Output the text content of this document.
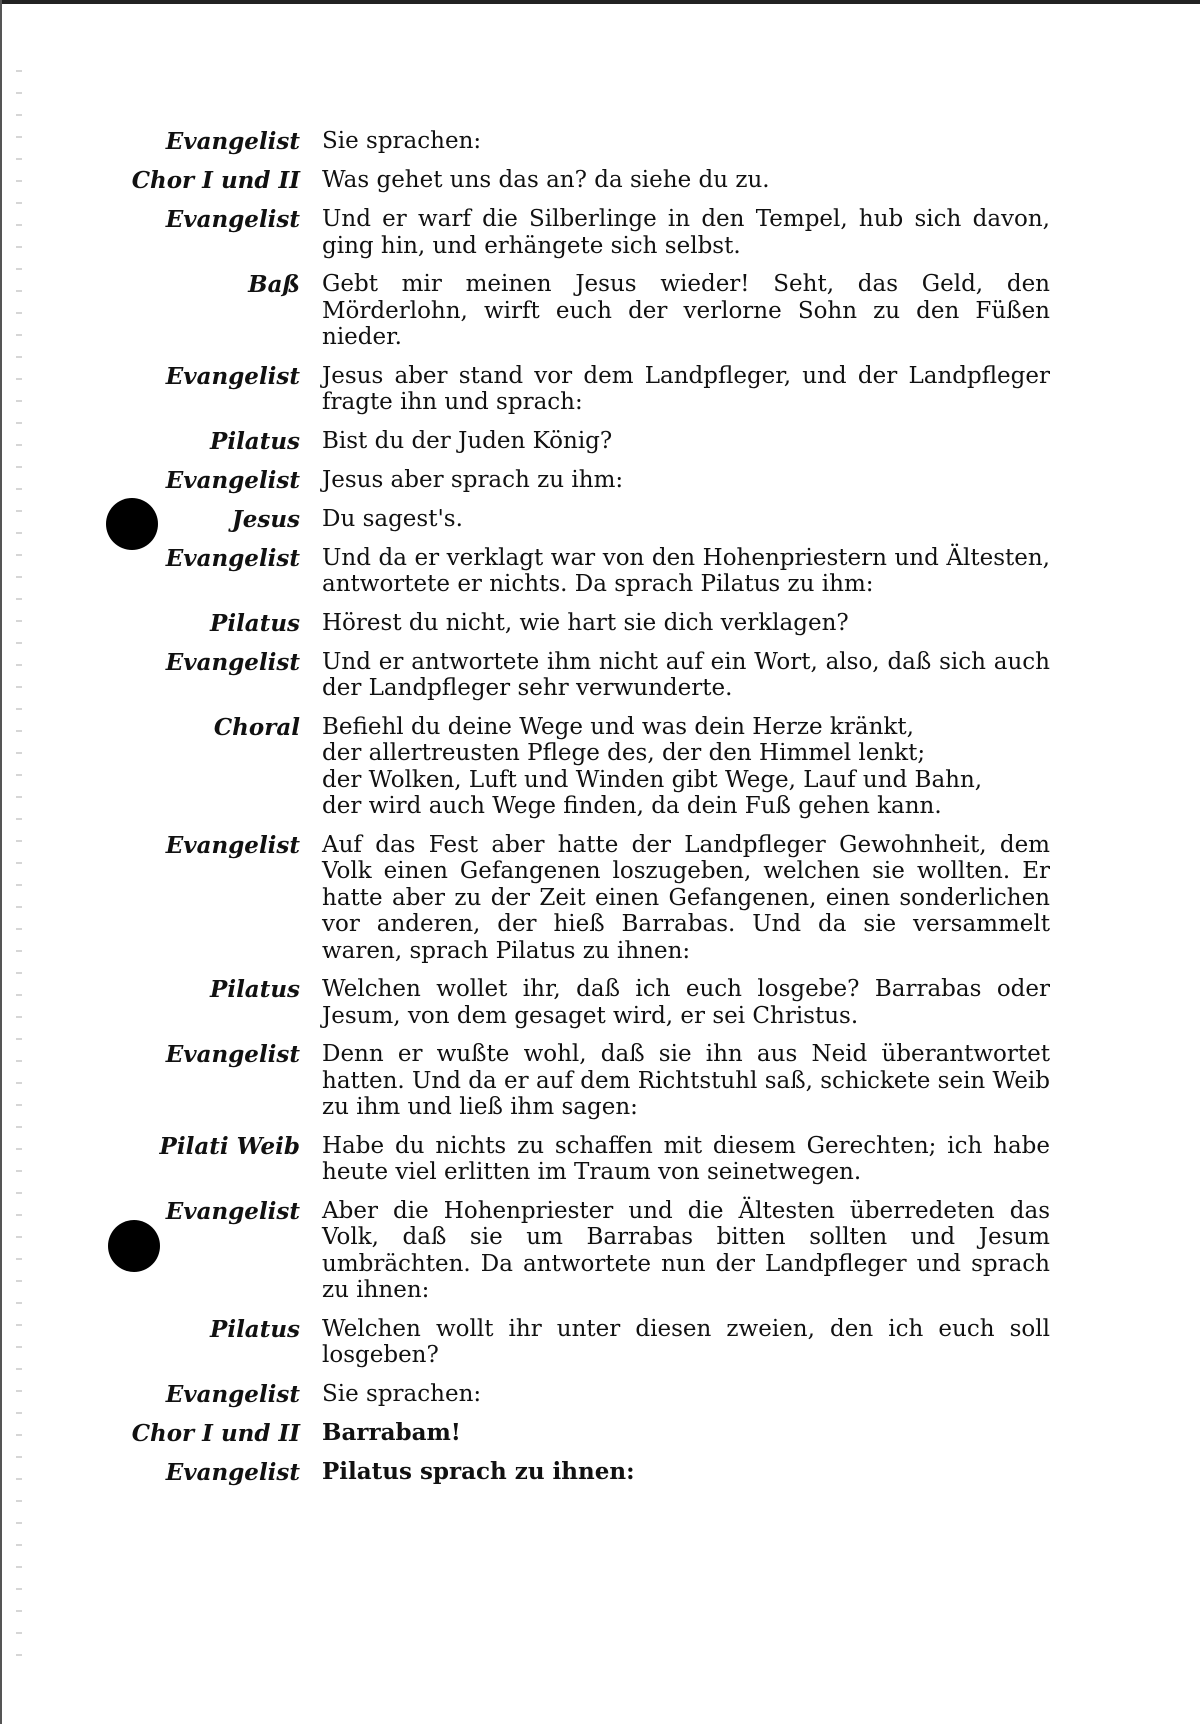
Evangelist Sie sprachen:
Chor I und II Was gehet uns das an? da siehe du zu.
Evangelist Und er warf die Silberlinge in den Tempel, hub sich davon, ging hin, und erhängete sich selbst.
Baß Gebt mir meinen Jesus wieder! Seht, das Geld, den Mörderlohn, wirft euch der verlorne Sohn zu den Füßen nieder.
Evangelist Jesus aber stand vor dem Landpfleger, und der Landpfleger fragte ihn und sprach:
Pilatus Bist du der Juden König?
Evangelist Jesus aber sprach zu ihm:
Jesus Du sagest's.
Evangelist Und da er verklagt war von den Hohenpriestern und Ältesten, antwortete er nichts. Da sprach Pilatus zu ihm:
Pilatus Hörest du nicht, wie hart sie dich verklagen?
Evangelist Und er antwortete ihm nicht auf ein Wort, also, daß sich auch der Landpfleger sehr verwunderte.
Choral Befiehl du deine Wege und was dein Herze kränkt,
der allertreusten Pflege des, der den Himmel lenkt;
der Wolken, Luft und Winden gibt Wege, Lauf und Bahn,
der wird auch Wege finden, da dein Fuß gehen kann.
Evangelist Auf das Fest aber hatte der Landpfleger Gewohnheit, dem Volk einen Gefangenen loszugeben, welchen sie wollten. Er hatte aber zu der Zeit einen Gefangenen, einen sonderlichen vor anderen, der hieß Barrabas. Und da sie versammelt waren, sprach Pilatus zu ihnen:
Pilatus Welchen wollet ihr, daß ich euch losgebe? Barrabas oder Jesum, von dem gesaget wird, er sei Christus.
Evangelist Denn er wußte wohl, daß sie ihn aus Neid überantwortet hatten. Und da er auf dem Richtstuhl saß, schickete sein Weib zu ihm und ließ ihm sagen:
Pilati Weib Habe du nichts zu schaffen mit diesem Gerechten; ich habe heute viel erlitten im Traum von seinetwegen.
Evangelist Aber die Hohenpriester und die Ältesten überredeten das Volk, daß sie um Barrabas bitten sollten und Jesum umbrächten. Da antwortete nun der Landpfleger und sprach zu ihnen:
Pilatus Welchen wollt ihr unter diesen zweien, den ich euch soll losgeben?
Evangelist Sie sprachen:
Chor I und II Barrabam!
Evangelist Pilatus sprach zu ihnen:
